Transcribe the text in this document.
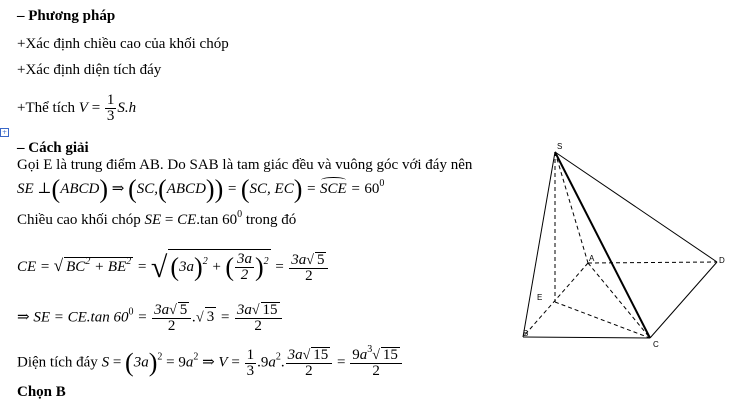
+
– Phương pháp
+Xác định chiều cao của khối chóp
+Xác định diện tích đáy
+Thể tích $V = \frac{1}{3} S.h$
– Cách giải
Gọi E là trung điểm AB. Do SAB là tam giác đều và vuông góc với đáy nên
SE ⊥(ABCD) ⇒ (SC,(ABCD)) = (SC, EC) = SCE = $60^0$
Chiều cao khối chóp SE = CE.tan $60^0$ trong đó
CE = √ $BC^2 + BE^2$ = √ $(3a)^2$ + ( $\frac{3a}{2} )^2 = \frac{3a√ 5}{2}$
⇒ SE = CE.tan $60^0 = \frac{3a√ 5}{2}$ .√ $3 = \frac{3a√ 15}{2}$
Diện tích đáy $S = (3a)^2 = 9a^2$ ⇒ $V = \frac{1}{3} .9a^2$. $\frac{3a√ 15}{2} = \frac{9a^3√ 15}{2}$
Chọn B
S
A	D
E
B
C
